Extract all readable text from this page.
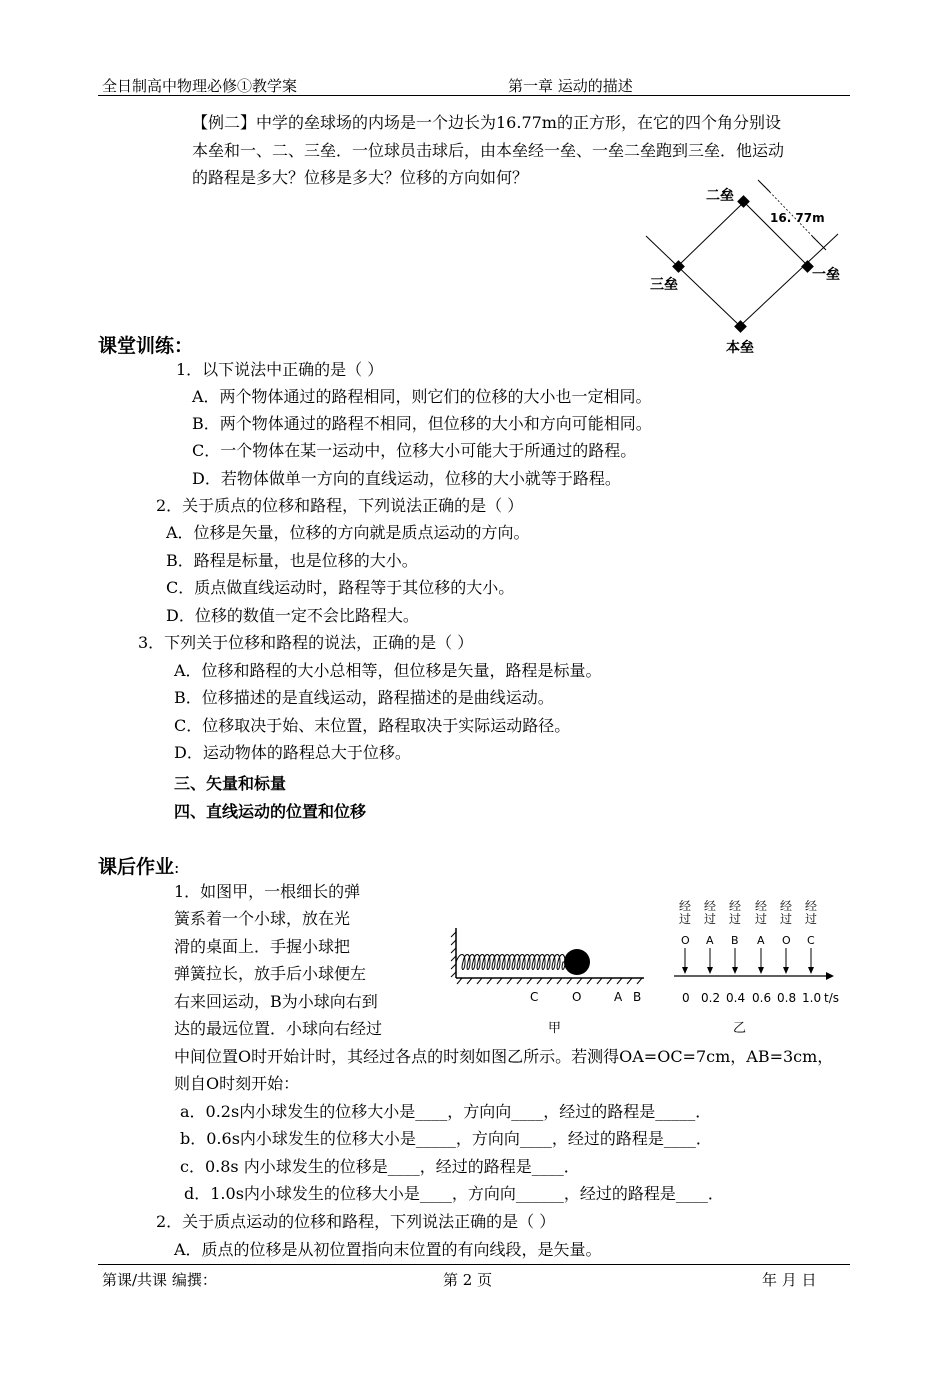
全日制高中物理必修①教学案	第一章 运动的描述
【例二】中学的垒球场的内场是一个边长为16.77m的正方形，在它的四个角分别设
本垒和一、二、三垒．一位球员击球后，由本垒经一垒、一垒二垒跑到三垒．他运动
的路程是多大？位移是多大？位移的方向如何？
二垒
三垒
一垒
本垒
16. 77m
课堂训练：
1．以下说法中正确的是（ ）
A．两个物体通过的路程相同，则它们的位移的大小也一定相同。
B．两个物体通过的路程不相同，但位移的大小和方向可能相同。
C．一个物体在某一运动中，位移大小可能大于所通过的路程。
D．若物体做单一方向的直线运动，位移的大小就等于路程。
2．关于质点的位移和路程，下列说法正确的是（ ）
A．位移是矢量，位移的方向就是质点运动的方向。
B．路程是标量，也是位移的大小。
C．质点做直线运动时，路程等于其位移的大小。
D．位移的数值一定不会比路程大。
3．下列关于位移和路程的说法，正确的是（ ）
A．位移和路程的大小总相等，但位移是矢量，路程是标量。
B．位移描述的是直线运动，路程描述的是曲线运动。
C．位移取决于始、末位置，路程取决于实际运动路径。
D．运动物体的路程总大于位移。
三、矢量和标量
四、直线运动的位置和位移
课后作业:
1．如图甲，一根细长的弹
簧系着一个小球，放在光
滑的桌面上．手握小球把
弹簧拉长，放手后小球便左
右来回运动，B为小球向右到
达的最远位置．小球向右经过
中间位置O时开始计时，其经过各点的时刻如图乙所示。若测得OA=OC=7cm，AB=3cm，
则自O时刻开始：
C	O	A B
甲
经
过
O
0
经
过
A
0.2
经
过
B
0.4
经
过
A
0.6
经
过
O
0.8
经
过
C
1.0 t/s
乙
a．0.2s内小球发生的位移大小是____，方向向____，经过的路程是_____．
b．0.6s内小球发生的位移大小是_____，方向向____，经过的路程是____．
c．0.8s 内小球发生的位移是____，经过的路程是____．
d．1.0s内小球发生的位移大小是____，方向向______，经过的路程是____．
2．关于质点运动的位移和路程，下列说法正确的是（ ）
A．质点的位移是从初位置指向末位置的有向线段，是矢量。
第课/共课 编撰：	第 2 页	年 月 日
